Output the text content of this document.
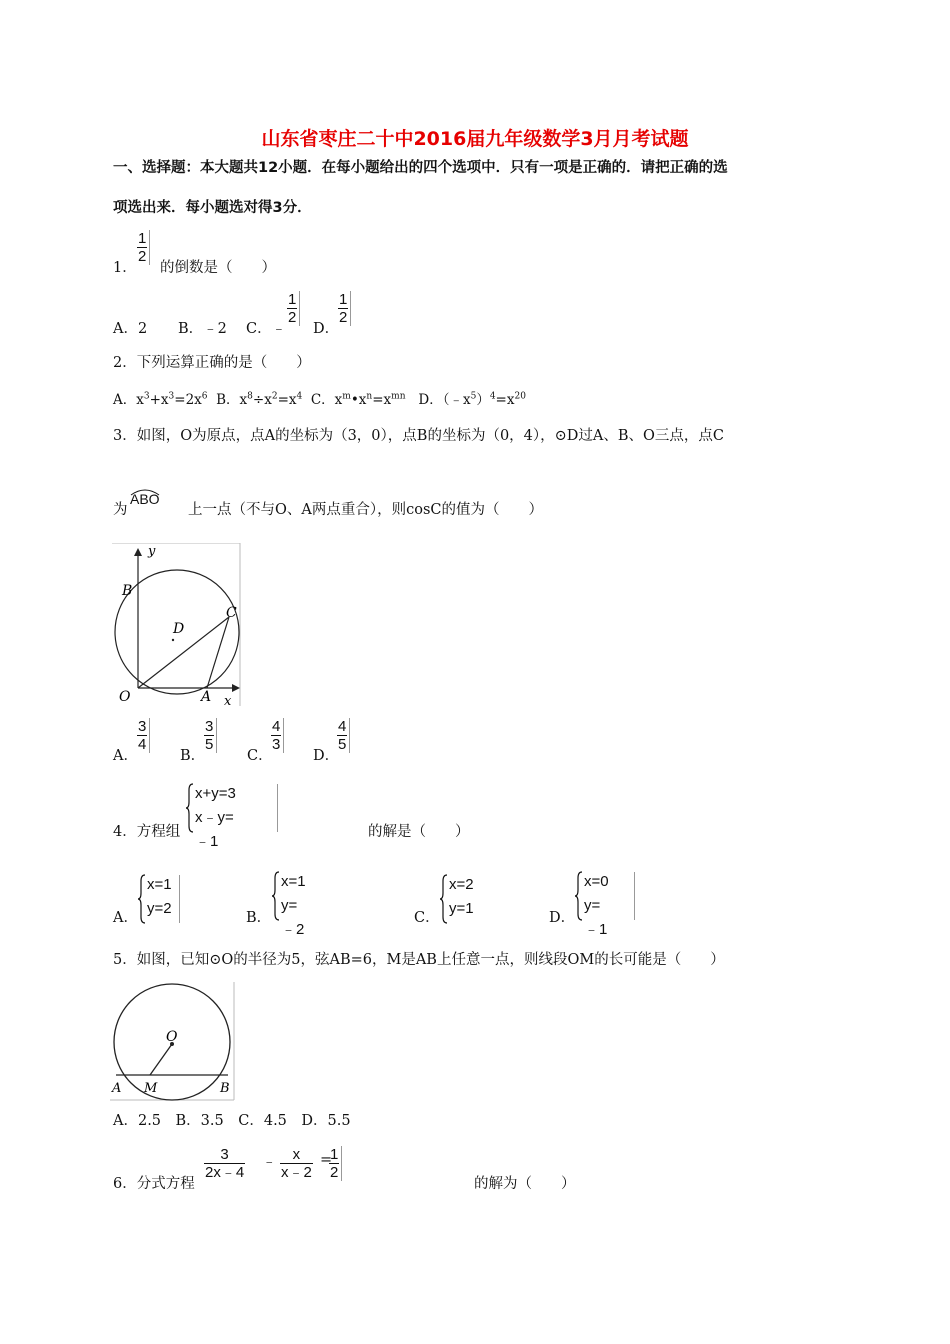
山东省枣庄二十中2016届九年级数学3月月考试题
一、选择题：本大题共12小题．在每小题给出的四个选项中．只有一项是正确的．请把正确的选
项选出来．每小题选对得3分．
1．
1
2
的倒数是（　　）
A．2 B．﹣2 C．﹣
1
2
D．
1
2
2．下列运算正确的是（　　）
A．$x^3+x^3=2x^6$ B．$x^8\div x^2=x^4$ C．$x^m•x^n=x^{mn}$ D．$(﹣x^5)^4=x^{20}$
3．如图，O为原点，点A的坐标为（3，0），点B的坐标为（0，4），⊙D过A、B、O三点，点C
为
ABO
上一点（不与O、A两点重合），则cosC的值为（　　）
y
x
B
C
D
O	A
A．
3
4
B．
3
5
C．
4
3
D．
4
5
4．方程组
x+y=3
x﹣y=﹣1
的解是（　　）
A．
x=1
y=2
B．
x=1
y=﹣2
C．
x=2
y=1
D．
x=0
y=﹣1
5．如图，已知⊙O的半径为5，弦AB=6，M是AB上任意一点，则线段OM的长可能是（　　）
O
A M	B
A．2.5　B．3.5　C．4.5　D．5.5
6．分式方程
3
2x﹣4
﹣	x
x﹣2
=
1
2
的解为（　　）
